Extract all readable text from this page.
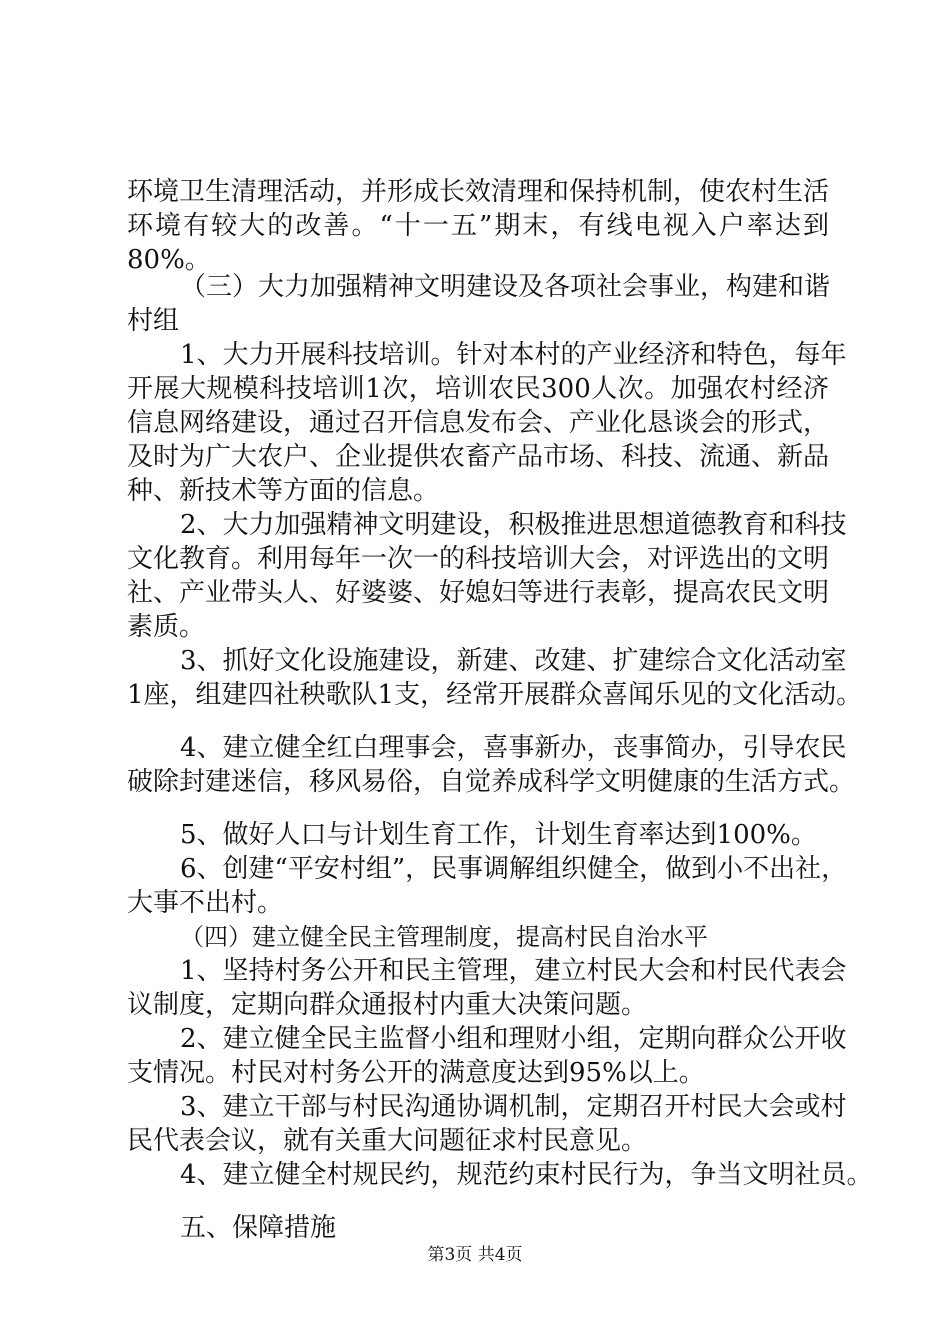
环境卫生清理活动，并形成长效清理和保持机制，使农村生活
环境有较大的改善。“十一五”期末，有线电视入户率达到
80%。
（三）大力加强精神文明建设及各项社会事业，构建和谐
村组
1、大力开展科技培训。针对本村的产业经济和特色，每年
开展大规模科技培训1次，培训农民300人次。加强农村经济
信息网络建设，通过召开信息发布会、产业化恳谈会的形式，
及时为广大农户、企业提供农畜产品市场、科技、流通、新品
种、新技术等方面的信息。
2、大力加强精神文明建设，积极推进思想道德教育和科技
文化教育。利用每年一次一的科技培训大会，对评选出的文明
社、产业带头人、好婆婆、好媳妇等进行表彰，提高农民文明
素质。
3、抓好文化设施建设，新建、改建、扩建综合文化活动室
1座，组建四社秧歌队1支，经常开展群众喜闻乐见的文化活动。
4、建立健全红白理事会，喜事新办，丧事简办，引导农民
破除封建迷信，移风易俗，自觉养成科学文明健康的生活方式。
5、做好人口与计划生育工作，计划生育率达到100%。
6、创建“平安村组”，民事调解组织健全，做到小不出社，
大事不出村。
（四）建立健全民主管理制度，提高村民自治水平
1、坚持村务公开和民主管理，建立村民大会和村民代表会
议制度，定期向群众通报村内重大决策问题。
2、建立健全民主监督小组和理财小组，定期向群众公开收
支情况。村民对村务公开的满意度达到95%以上。
3、建立干部与村民沟通协调机制，定期召开村民大会或村
民代表会议，就有关重大问题征求村民意见。
4、建立健全村规民约，规范约束村民行为，争当文明社员。
五、保障措施
第3页 共4页
